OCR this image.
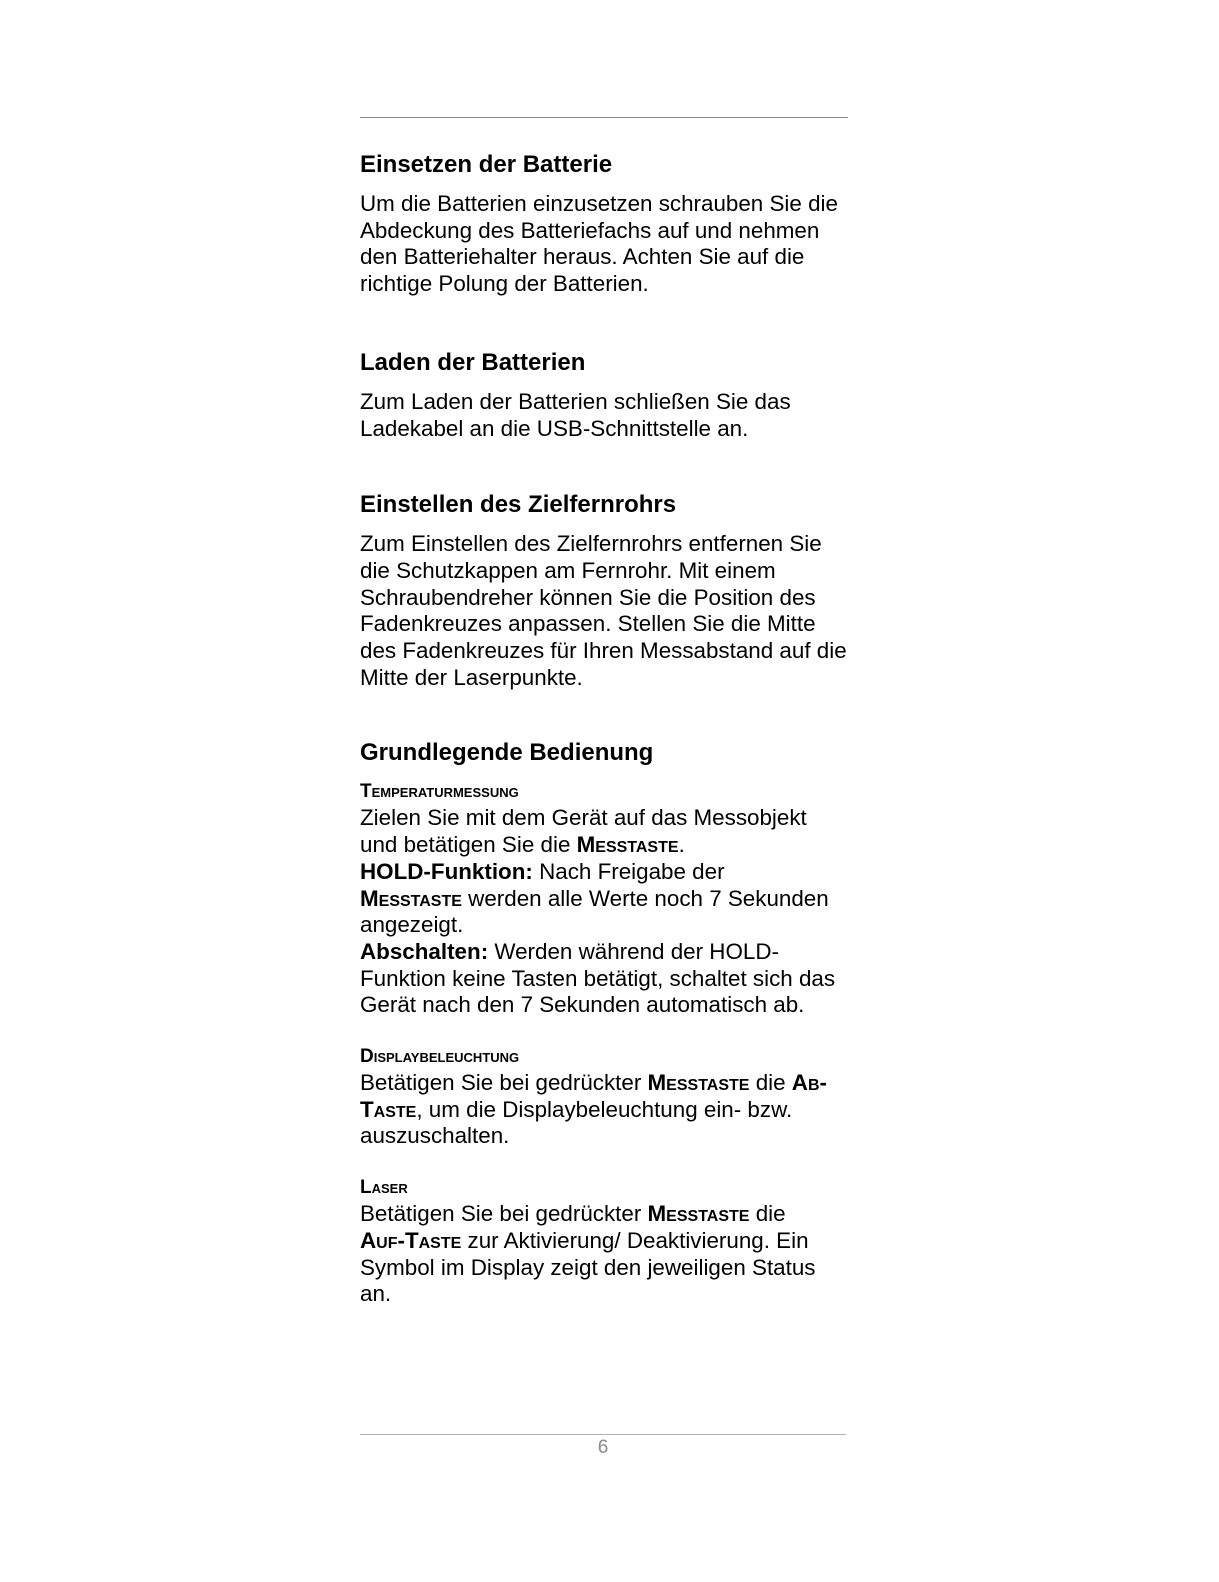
Einsetzen der Batterie

Um die Batterien einzusetzen schrauben Sie die Abdeckung des Batteriefachs auf und nehmen den Batteriehalter heraus. Achten Sie auf die richtige Polung der Batterien.

Laden der Batterien

Zum Laden der Batterien schließen Sie das Ladekabel an die USB-Schnittstelle an.

Einstellen des Zielfernrohrs

Zum Einstellen des Zielfernrohrs entfernen Sie die Schutzkappen am Fernrohr. Mit einem Schraubendreher können Sie die Position des Fadenkreuzes anpassen. Stellen Sie die Mitte des Fadenkreuzes für Ihren Messabstand auf die Mitte der Laserpunkte.

Grundlegende Bedienung
Temperaturmessung

Zielen Sie mit dem Gerät auf das Messobjekt und betätigen Sie die Messtaste.
HOLD-Funktion: Nach Freigabe der
Messtaste werden alle Werte noch 7 Sekunden angezeigt.
Abschalten: Werden während der HOLD-Funktion keine Tasten betätigt, schaltet sich das Gerät nach den 7 Sekunden automatisch ab.

Displaybeleuchtung

Betätigen Sie bei gedrückter Messtaste die Ab-Taste, um die Displaybeleuchtung ein- bzw. auszuschalten.

Laser

Betätigen Sie bei gedrückter Messtaste die
Auf-Taste zur Aktivierung/ Deaktivierung. Ein Symbol im Display zeigt den jeweiligen Status an.

6
